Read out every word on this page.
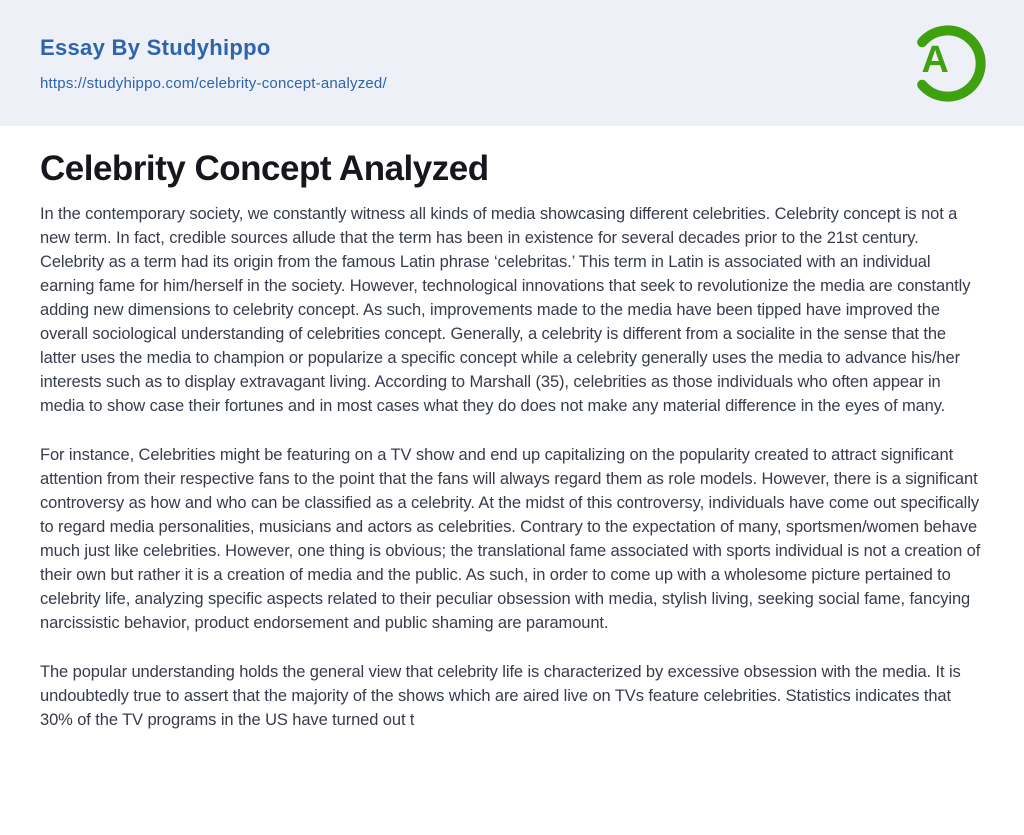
Essay By Studyhippo
https://studyhippo.com/celebrity-concept-analyzed/
A
Celebrity Concept Analyzed

In the contemporary society, we constantly witness all kinds of media showcasing different celebrities. Celebrity concept is not a new term. In fact, credible sources allude that the term has been in existence for several decades prior to the 21st century. Celebrity as a term had its origin from the famous Latin phrase ‘celebritas.’ This term in Latin is associated with an individual earning fame for him/herself in the society. However, technological innovations that seek to revolutionize the media are constantly adding new dimensions to celebrity concept. As such, improvements made to the media have been tipped have improved the overall sociological understanding of celebrities concept. Generally, a celebrity is different from a socialite in the sense that the latter uses the media to champion or popularize a specific concept while a celebrity generally uses the media to advance his/her interests such as to display extravagant living. According to Marshall (35), celebrities as those individuals who often appear in media to show case their fortunes and in most cases what they do does not make any material difference in the eyes of many.

For instance, Celebrities might be featuring on a TV show and end up capitalizing on the popularity created to attract significant attention from their respective fans to the point that the fans will always regard them as role models. However, there is a significant controversy as how and who can be classified as a celebrity. At the midst of this controversy, individuals have come out specifically to regard media personalities, musicians and actors as celebrities. Contrary to the expectation of many, sportsmen/women behave much just like celebrities. However, one thing is obvious; the translational fame associated with sports individual is not a creation of their own but rather it is a creation of media and the public. As such, in order to come up with a wholesome picture pertained to celebrity life, analyzing specific aspects related to their peculiar obsession with media, stylish living, seeking social fame, fancying narcissistic behavior, product endorsement and public shaming are paramount.

The popular understanding holds the general view that celebrity life is characterized by excessive obsession with the media. It is undoubtedly true to assert that the majority of the shows which are aired live on TVs feature celebrities. Statistics indicates that 30% of the TV programs in the US have turned out t
